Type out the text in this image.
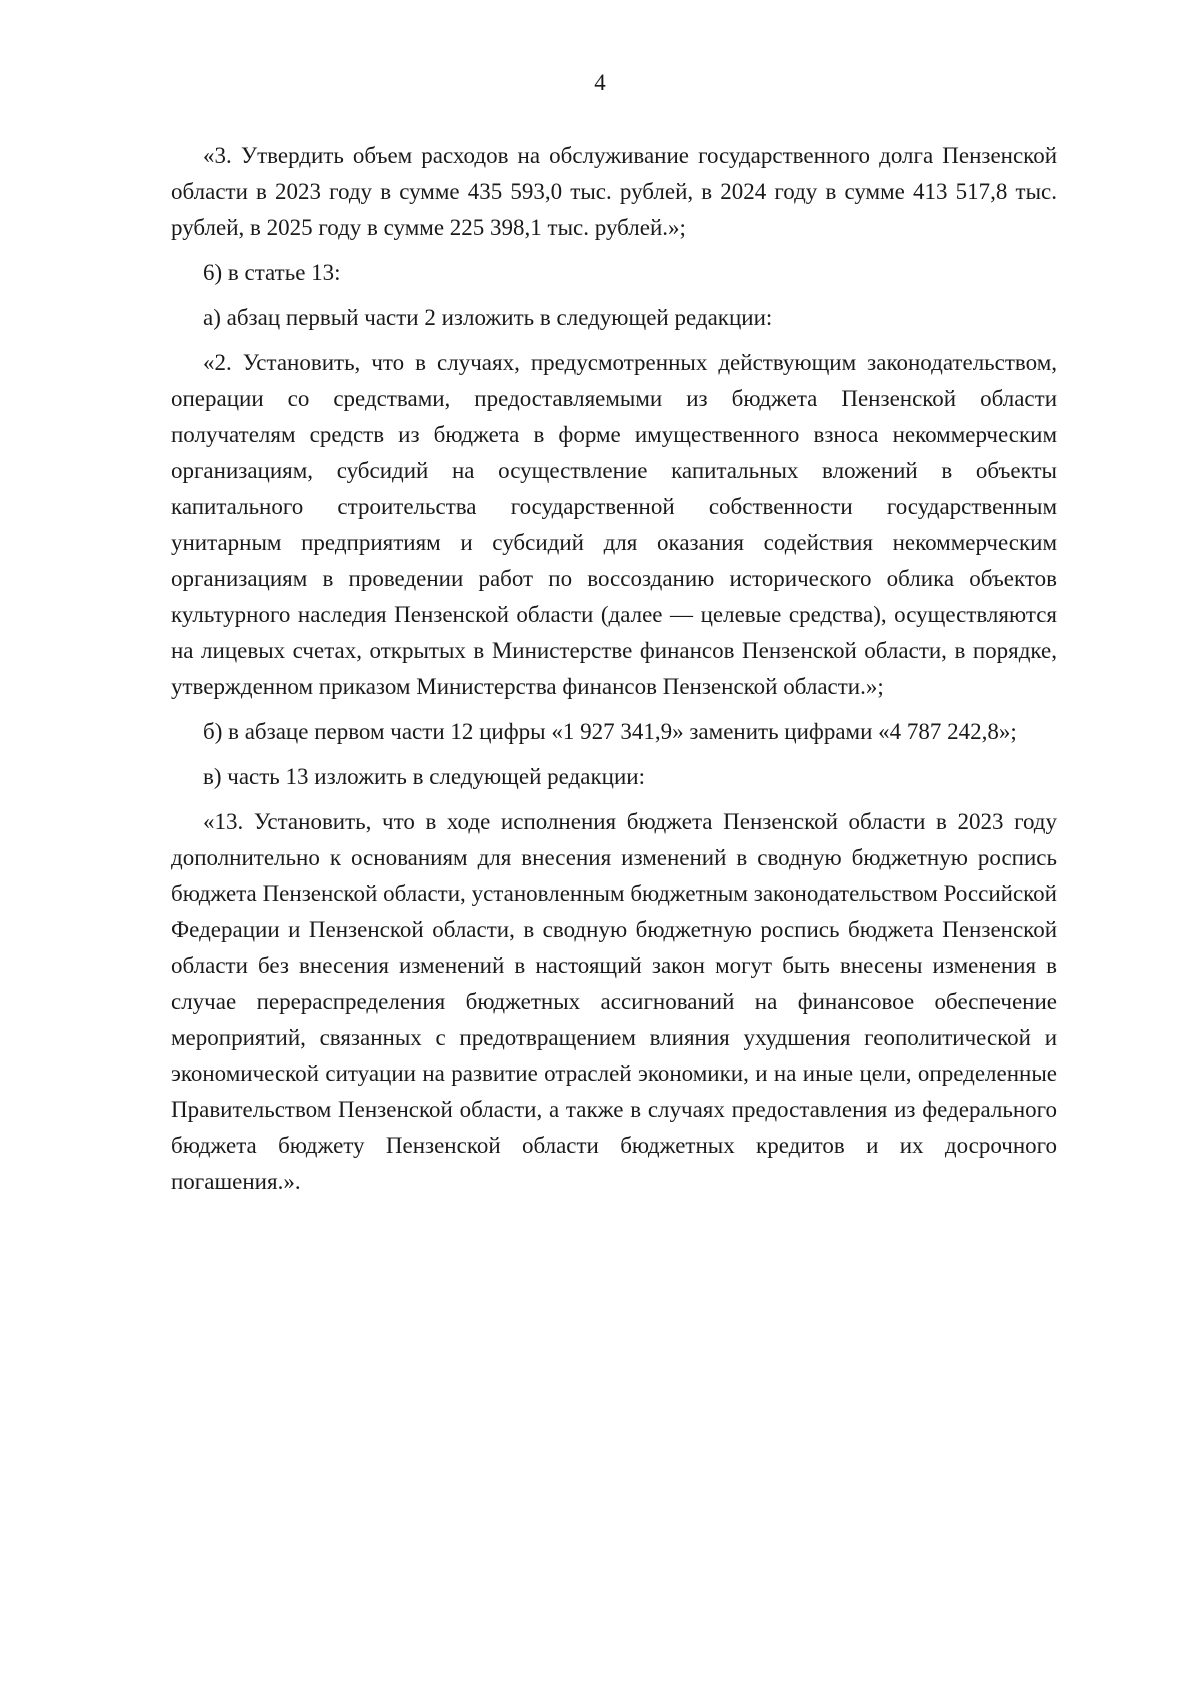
4

«3. Утвердить объем расходов на обслуживание государственного долга Пензенской области в 2023 году в сумме 435 593,0 тыс. рублей, в 2024 году в сумме 413 517,8 тыс. рублей, в 2025 году в сумме 225 398,1 тыс. рублей.»;

6) в статье 13:

а) абзац первый части 2 изложить в следующей редакции:

«2. Установить, что в случаях, предусмотренных действующим законодательством, операции со средствами, предоставляемыми из бюджета Пензенской области получателям средств из бюджета в форме имущественного взноса некоммерческим организациям, субсидий на осуществление капитальных вложений в объекты капитального строительства государственной собственности государственным унитарным предприятиям и субсидий для оказания содействия некоммерческим организациям в проведении работ по воссозданию исторического облика объектов культурного наследия Пензенской области (далее — целевые средства), осуществляются на лицевых счетах, открытых в Министерстве финансов Пензенской области, в порядке, утвержденном приказом Министерства финансов Пензенской области.»;

б) в абзаце первом части 12 цифры «1 927 341,9» заменить цифрами «4 787 242,8»;

в) часть 13 изложить в следующей редакции:

«13. Установить, что в ходе исполнения бюджета Пензенской области в 2023 году дополнительно к основаниям для внесения изменений в сводную бюджетную роспись бюджета Пензенской области, установленным бюджетным законодательством Российской Федерации и Пензенской области, в сводную бюджетную роспись бюджета Пензенской области без внесения изменений в настоящий закон могут быть внесены изменения в случае перераспределения бюджетных ассигнований на финансовое обеспечение мероприятий, связанных с предотвращением влияния ухудшения геополитической и экономической ситуации на развитие отраслей экономики, и на иные цели, определенные Правительством Пензенской области, а также в случаях предоставления из федерального бюджета бюджету Пензенской области бюджетных кредитов и их досрочного погашения.».
